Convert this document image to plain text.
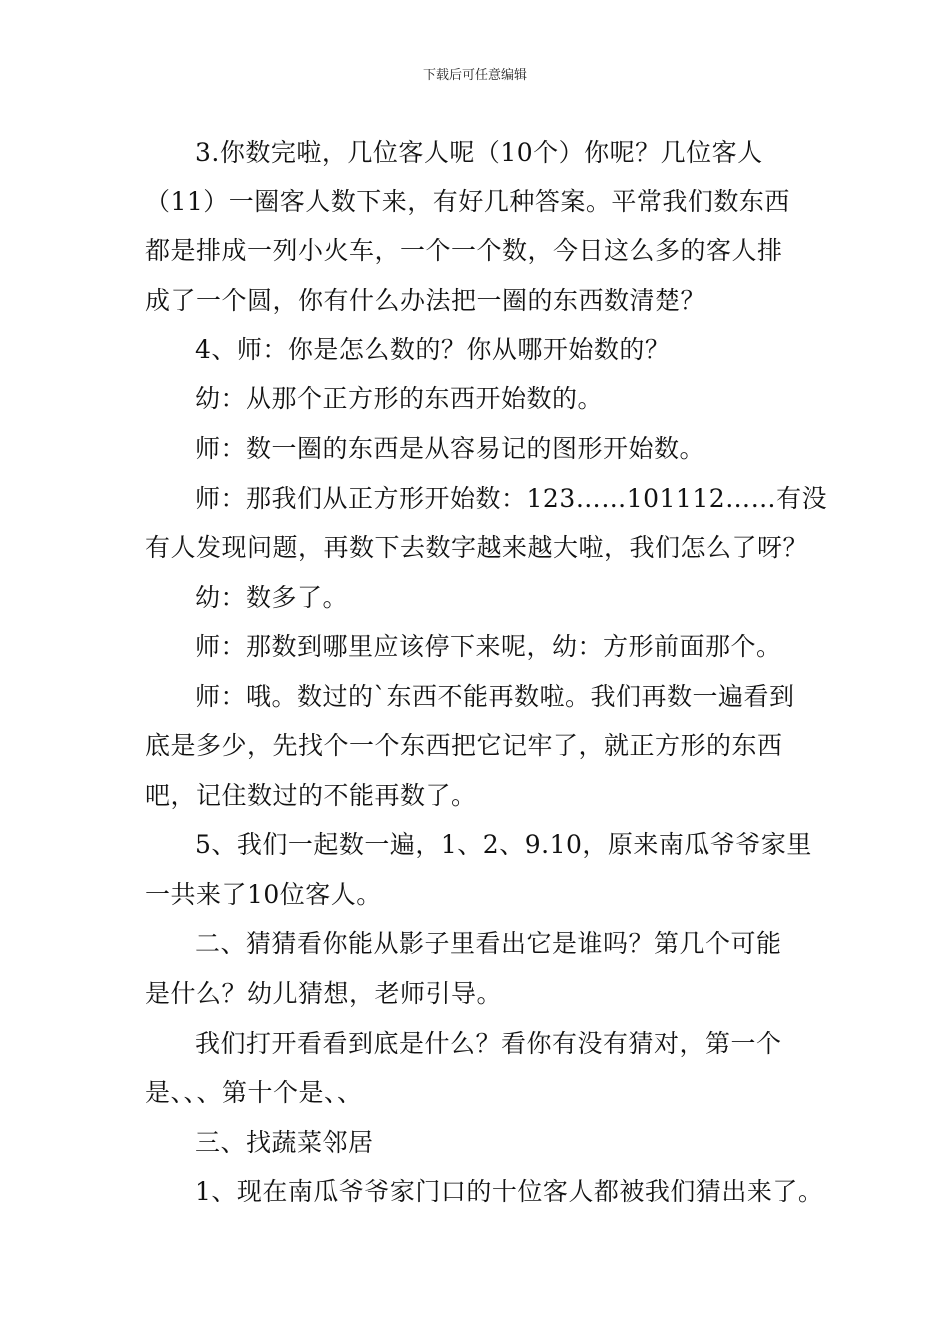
下载后可任意编辑
3.你数完啦，几位客人呢（10个）你呢？几位客人
（11）一圈客人数下来，有好几种答案。平常我们数东西
都是排成一列小火车，一个一个数，今日这么多的客人排
成了一个圆，你有什么办法把一圈的东西数清楚？
4、师：你是怎么数的？你从哪开始数的？
幼：从那个正方形的东西开始数的。
师：数一圈的东西是从容易记的图形开始数。
师：那我们从正方形开始数：123……101112……有没
有人发现问题，再数下去数字越来越大啦，我们怎么了呀？
幼：数多了。
师：那数到哪里应该停下来呢，幼：方形前面那个。
师：哦。数过的`东西不能再数啦。我们再数一遍看到
底是多少，先找个一个东西把它记牢了，就正方形的东西
吧，记住数过的不能再数了。
5、我们一起数一遍，1、2、9.10，原来南瓜爷爷家里
一共来了10位客人。
二、猜猜看你能从影子里看出它是谁吗？第几个可能
是什么？幼儿猜想，老师引导。
我们打开看看到底是什么？看你有没有猜对，第一个
是、、、第十个是、、
三、找蔬菜邻居
1、现在南瓜爷爷家门口的十位客人都被我们猜出来了。
